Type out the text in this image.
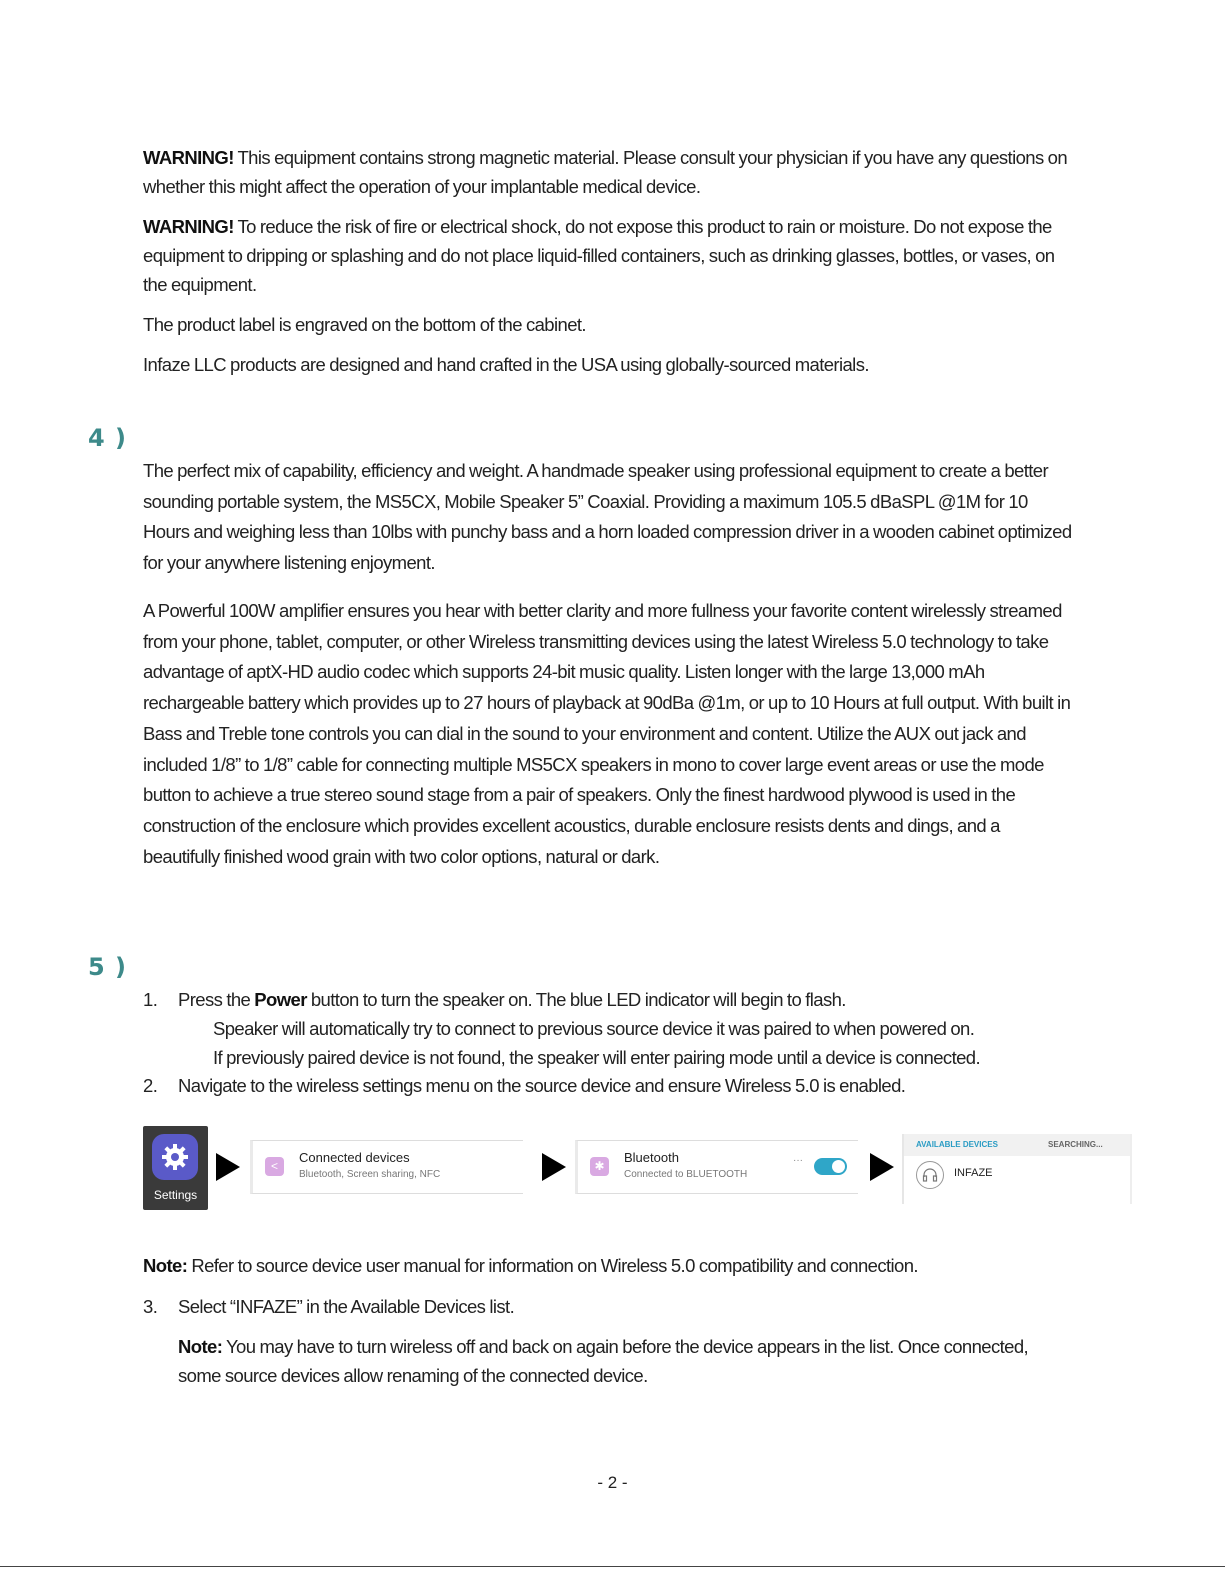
WARNING! This equipment contains strong magnetic material. Please consult your physician if you have any questions on whether this might affect the operation of your implantable medical device.

WARNING! To reduce the risk of fire or electrical shock, do not expose this product to rain or moisture. Do not expose the equipment to dripping or splashing and do not place liquid-filled containers, such as drinking glasses, bottles, or vases, on the equipment.

The product label is engraved on the bottom of the cabinet.

Infaze LLC products are designed and hand crafted in the USA using globally-sourced materials.

4 )

The perfect mix of capability, efficiency and weight. A handmade speaker using professional equipment to create a better sounding portable system, the MS5CX, Mobile Speaker 5” Coaxial. Providing a maximum 105.5 dBaSPL @1M for 10 Hours and weighing less than 10lbs with punchy bass and a horn loaded compression driver in a wooden cabinet optimized for your anywhere listening enjoyment.

A Powerful 100W amplifier ensures you hear with better clarity and more fullness your favorite content wirelessly streamed from your phone, tablet, computer, or other Wireless transmitting devices using the latest Wireless 5.0 technology to take advantage of aptX-HD audio codec which supports 24-bit music quality. Listen longer with the large 13,000 mAh rechargeable battery which provides up to 27 hours of playback at 90dBa @1m, or up to 10 Hours at full output. With built in Bass and Treble tone controls you can dial in the sound to your environment and content. Utilize the AUX out jack and included 1/8” to 1/8” cable for connecting multiple MS5CX speakers in mono to cover large event areas or use the mode button to achieve a true stereo sound stage from a pair of speakers. Only the finest hardwood plywood is used in the construction of the enclosure which provides excellent acoustics, durable enclosure resists dents and dings, and a beautifully finished wood grain with two color options, natural or dark.

5 )
1.	Press the Power button to turn the speaker on. The blue LED indicator will begin to flash.
Speaker will automatically try to connect to previous source device it was paired to when powered on.
If previously paired device is not found, the speaker will enter pairing mode until a device is connected.
2.	Navigate to the wireless settings menu on the source device and ensure Wireless 5.0 is enabled.
Settings
<
Connected devices
Bluetooth, Screen sharing, NFC
✱
Bluetooth
Connected to BLUETOOTH
···
AVAILABLE DEVICES	SEARCHING...
INFAZE

Note: Refer to source device user manual for information on Wireless 5.0 compatibility and connection.

3.	Select “INFAZE” in the Available Devices list.

Note: You may have to turn wireless off and back on again before the device appears in the list. Once connected, some source devices allow renaming of the connected device.

- 2 -
